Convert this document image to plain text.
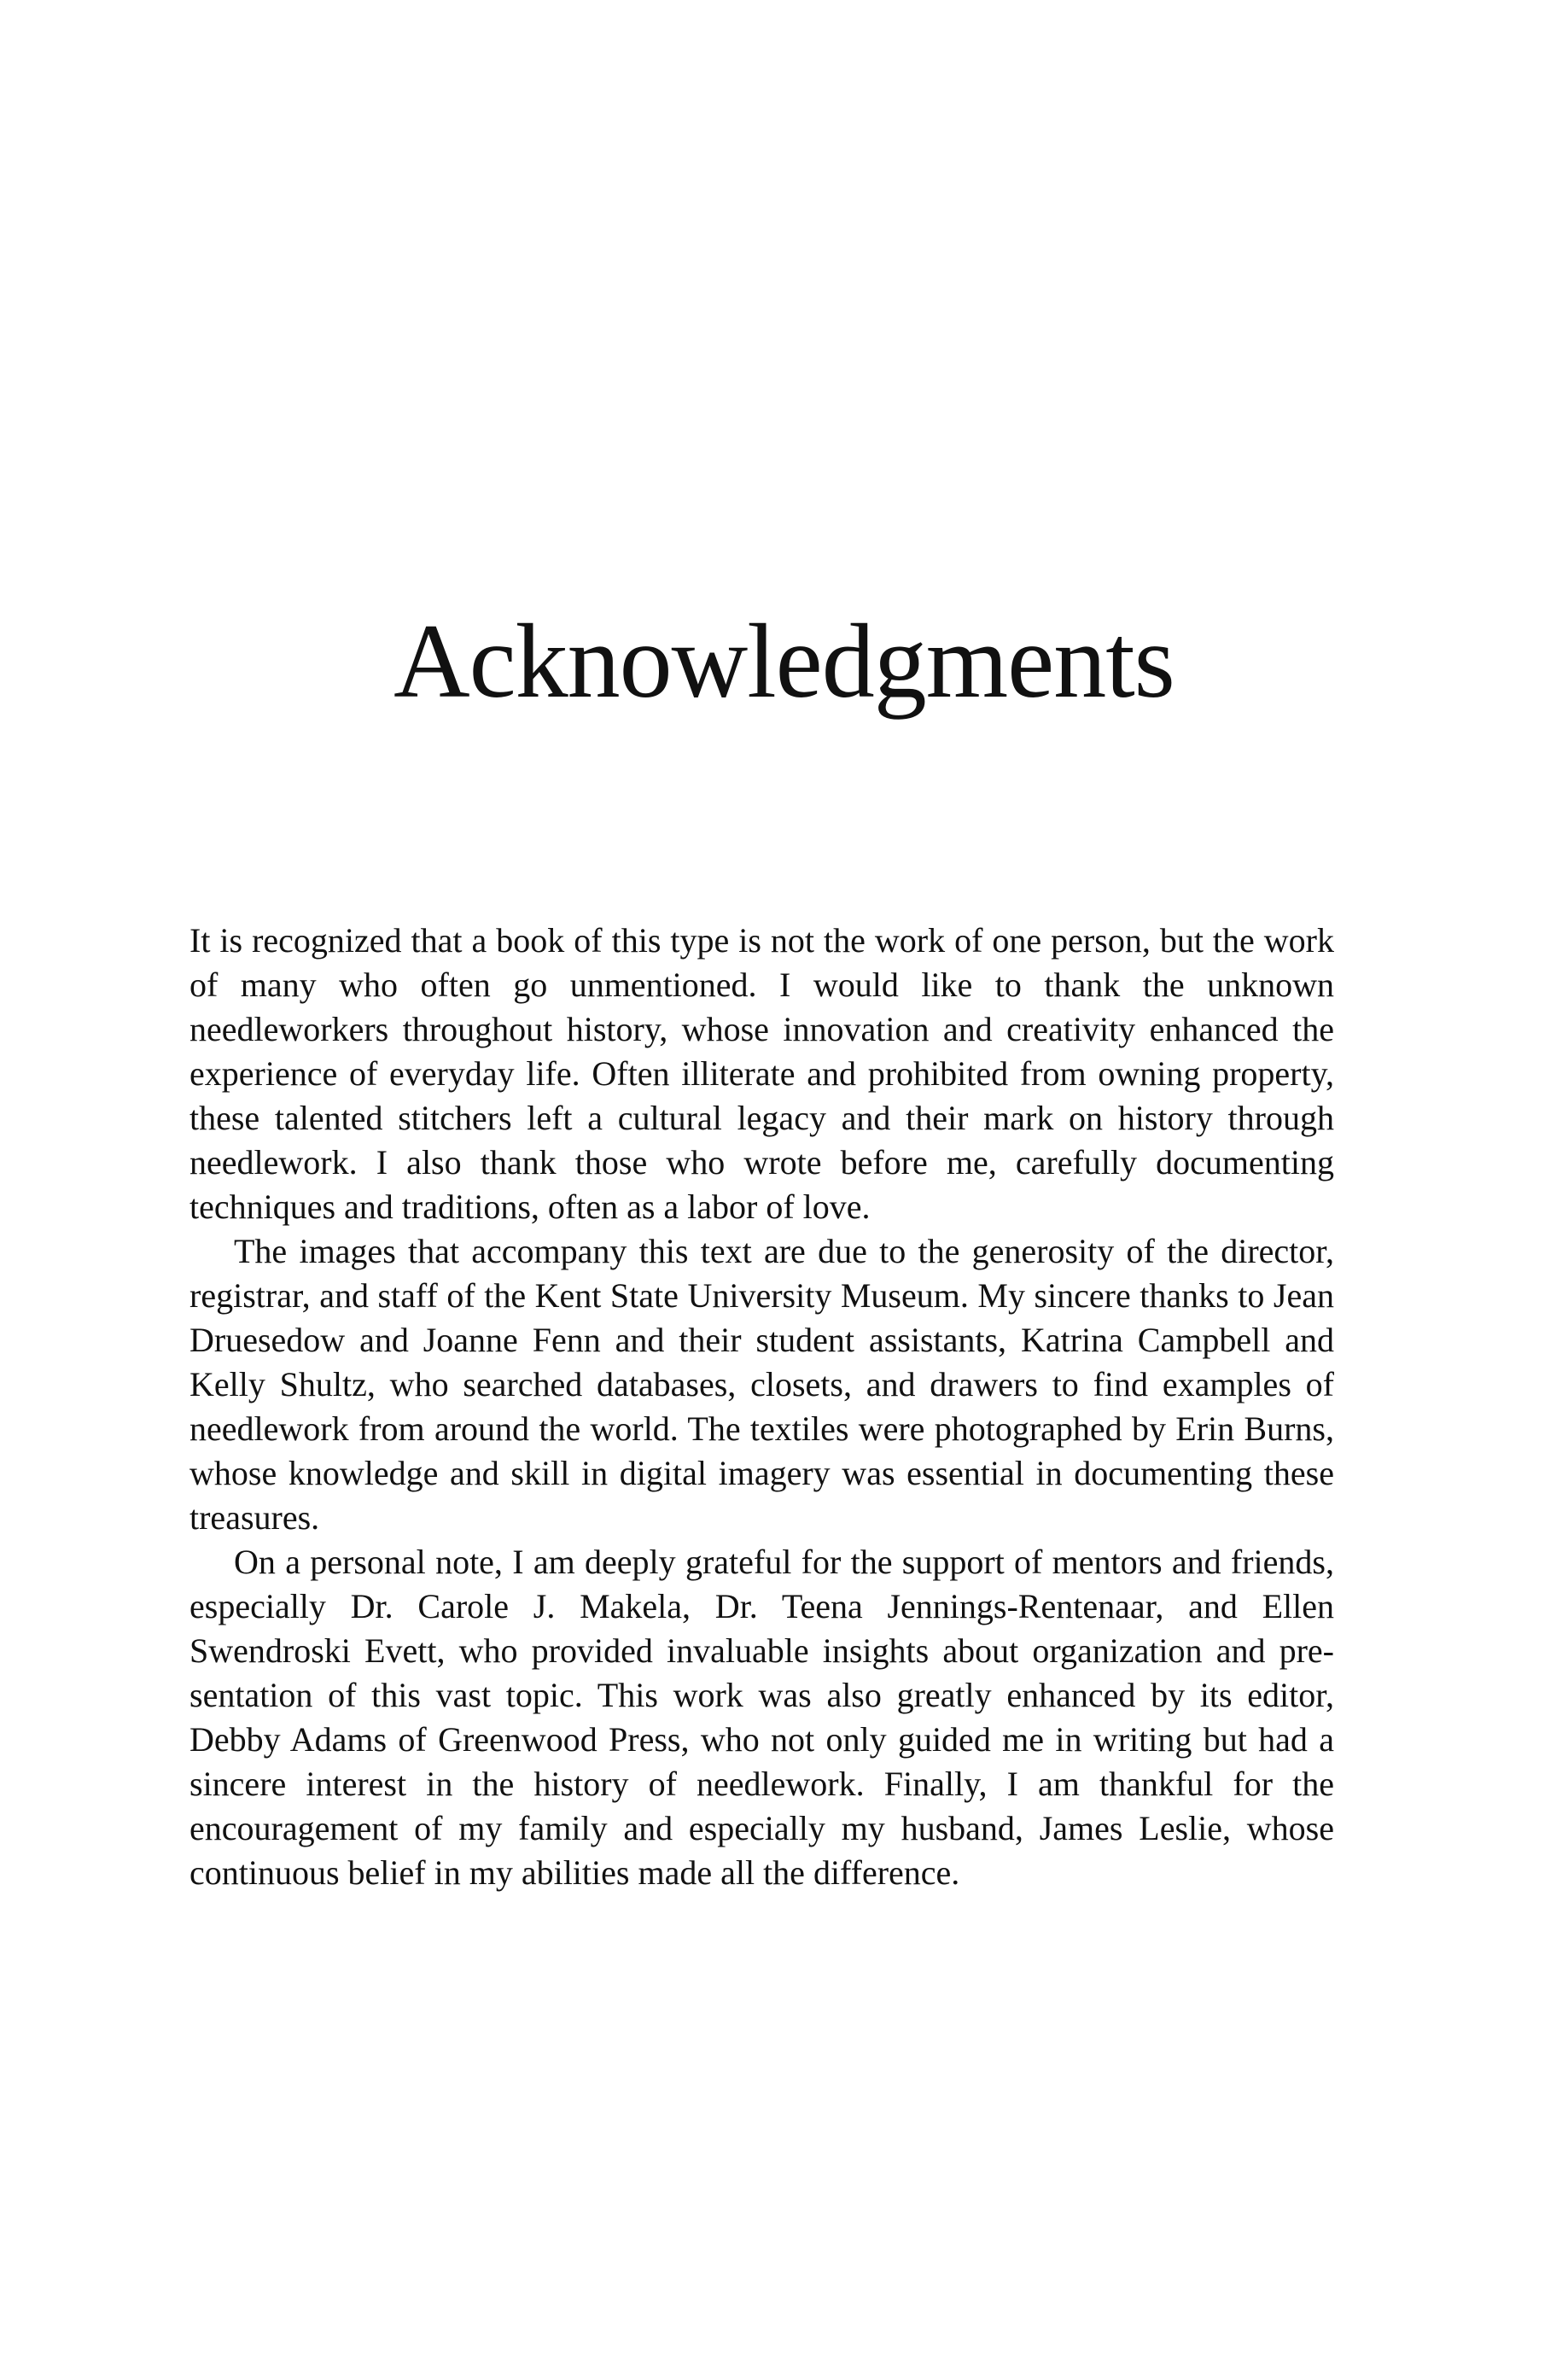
Acknowledgments

It is recognized that a book of this type is not the work of one person, but the work of many who often go unmentioned. I would like to thank the unknown needleworkers throughout history, whose innovation and creativity enhanced the experience of everyday life. Often illiterate and prohibited from owning property, these talented stitchers left a cultural legacy and their mark on history through needlework. I also thank those who wrote before me, carefully documenting techniques and traditions, often as a labor of love.

The images that accompany this text are due to the generosity of the director, registrar, and staff of the Kent State University Museum. My sincere thanks to Jean Druesedow and Joanne Fenn and their student assistants, Katrina Campbell and Kelly Shultz, who searched databases, closets, and drawers to find examples of needlework from around the world. The textiles were photographed by Erin Burns, whose knowledge and skill in digital imagery was essential in documenting these treasures.

On a personal note, I am deeply grateful for the support of mentors and friends, especially Dr. Carole J. Makela, Dr. Teena Jennings-Rentenaar, and Ellen Swendroski Evett, who provided invaluable insights about organization and presentation of this vast topic. This work was also greatly enhanced by its editor, Debby Adams of Greenwood Press, who not only guided me in writing but had a sincere interest in the history of needlework. Finally, I am thankful for the encouragement of my family and especially my husband, James Leslie, whose continuous belief in my abilities made all the difference.
